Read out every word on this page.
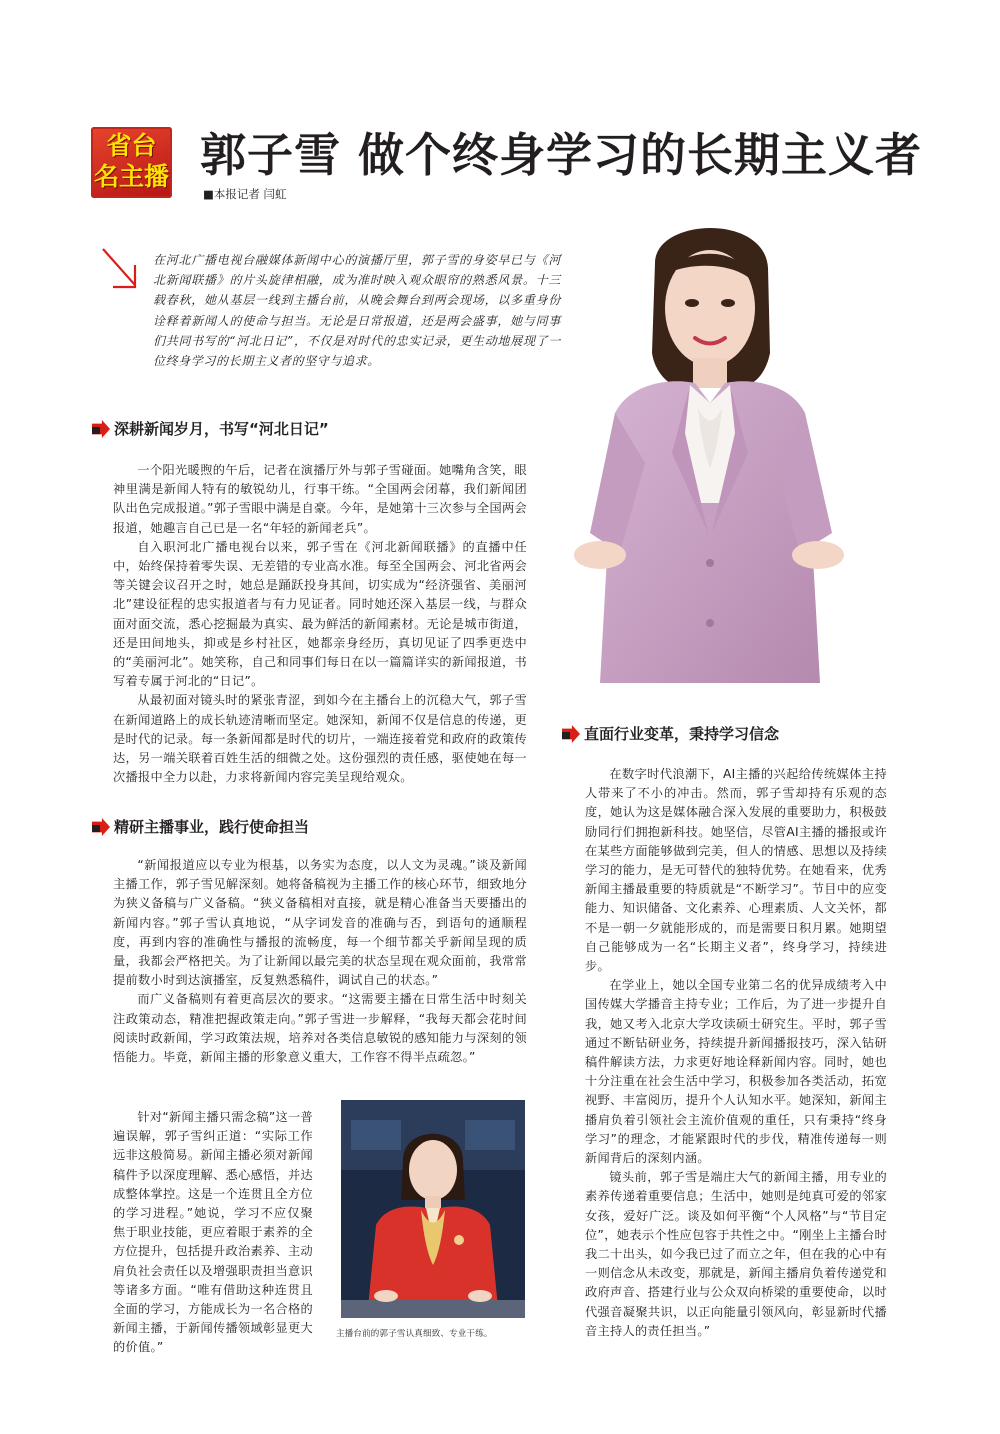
省台
名主播 郭子雪 做个终身学习的长期主义者
■本报记者 闫虹
在河北广播电视台融媒体新闻中心的演播厅里，郭子雪的身姿早已与《河北新闻联播》的片头旋律相融，成为准时映入观众眼帘的熟悉风景。十三载春秋，她从基层一线到主播台前，从晚会舞台到两会现场，以多重身份诠释着新闻人的使命与担当。无论是日常报道，还是两会盛事，她与同事们共同书写的“河北日记”，不仅是对时代的忠实记录，更生动地展现了一位终身学习的长期主义者的坚守与追求。
深耕新闻岁月，书写“河北日记”

一个阳光暖煦的午后，记者在演播厅外与郭子雪碰面。她嘴角含笑，眼神里满是新闻人特有的敏锐幼儿，行事干练。“全国两会闭幕，我们新闻团队出色完成报道。”郭子雪眼中满是自豪。今年，是她第十三次参与全国两会报道，她趣言自己已是一名“年轻的新闻老兵”。

自入职河北广播电视台以来，郭子雪在《河北新闻联播》的直播中任中，始终保持着零失误、无差错的专业高水准。每至全国两会、河北省两会等关键会议召开之时，她总是踊跃投身其间，切实成为“经济强省、美丽河北”建设征程的忠实报道者与有力见证者。同时她还深入基层一线，与群众面对面交流，悉心挖掘最为真实、最为鲜活的新闻素材。无论是城市街道，还是田间地头，抑或是乡村社区，她都亲身经历，真切见证了四季更迭中的“美丽河北”。她笑称，自己和同事们每日在以一篇篇详实的新闻报道，书写着专属于河北的“日记”。

从最初面对镜头时的紧张青涩，到如今在主播台上的沉稳大气，郭子雪在新闻道路上的成长轨迹清晰而坚定。她深知，新闻不仅是信息的传递，更是时代的记录。每一条新闻都是时代的切片，一端连接着党和政府的政策传达，另一端关联着百姓生活的细微之处。这份强烈的责任感，驱使她在每一次播报中全力以赴，力求将新闻内容完美呈现给观众。

精研主播事业，践行使命担当

“新闻报道应以专业为根基，以务实为态度，以人文为灵魂。”谈及新闻主播工作，郭子雪见解深刻。她将备稿视为主播工作的核心环节，细致地分为狭义备稿与广义备稿。“狭义备稿相对直接，就是精心准备当天要播出的新闻内容。”郭子雪认真地说，“从字词发音的准确与否，到语句的通顺程度，再到内容的准确性与播报的流畅度，每一个细节都关乎新闻呈现的质量，我都会严格把关。为了让新闻以最完美的状态呈现在观众面前，我常常提前数小时到达演播室，反复熟悉稿件，调试自己的状态。”

而广义备稿则有着更高层次的要求。“这需要主播在日常生活中时刻关注政策动态，精准把握政策走向。”郭子雪进一步解释，“我每天都会花时间阅读时政新闻，学习政策法规，培养对各类信息敏锐的感知能力与深刻的领悟能力。毕竟，新闻主播的形象意义重大，工作容不得半点疏忽。”

针对“新闻主播只需念稿”这一普遍误解，郭子雪纠正道：“实际工作远非这般简易。新闻主播必须对新闻稿件予以深度理解、悉心感悟，并达成整体掌控。这是一个连贯且全方位的学习进程。”她说，学习不应仅聚焦于职业技能，更应着眼于素养的全方位提升，包括提升政治素养、主动肩负社会责任以及增强职责担当意识等诸多方面。“唯有借助这种连贯且全面的学习，方能成长为一名合格的新闻主播，于新闻传播领域彰显更大的价值。”

主播台前的郭子雪认真细致、专业干练。
直面行业变革，秉持学习信念

在数字时代浪潮下，AI主播的兴起给传统媒体主持人带来了不小的冲击。然而，郭子雪却持有乐观的态度，她认为这是媒体融合深入发展的重要助力，积极鼓励同行们拥抱新科技。她坚信，尽管AI主播的播报或许在某些方面能够做到完美，但人的情感、思想以及持续学习的能力，是无可替代的独特优势。在她看来，优秀新闻主播最重要的特质就是“不断学习”。节目中的应变能力、知识储备、文化素养、心理素质、人文关怀，都不是一朝一夕就能形成的，而是需要日积月累。她期望自己能够成为一名“长期主义者”，终身学习，持续进步。

在学业上，她以全国专业第二名的优异成绩考入中国传媒大学播音主持专业；工作后，为了进一步提升自我，她又考入北京大学攻读硕士研究生。平时，郭子雪通过不断钻研业务，持续提升新闻播报技巧，深入钻研稿件解读方法，力求更好地诠释新闻内容。同时，她也十分注重在社会生活中学习，积极参加各类活动，拓宽视野、丰富阅历，提升个人认知水平。她深知，新闻主播肩负着引领社会主流价值观的重任，只有秉持“终身学习”的理念，才能紧跟时代的步伐，精准传递每一则新闻背后的深刻内涵。

镜头前，郭子雪是端庄大气的新闻主播，用专业的素养传递着重要信息；生活中，她则是纯真可爱的邻家女孩，爱好广泛。谈及如何平衡“个人风格”与“节目定位”，她表示个性应包容于共性之中。“刚坐上主播台时我二十出头，如今我已过了而立之年，但在我的心中有一则信念从未改变，那就是，新闻主播肩负着传递党和政府声音、搭建行业与公众双向桥梁的重要使命，以时代强音凝聚共识，以正向能量引领风向，彰显新时代播音主持人的责任担当。”
